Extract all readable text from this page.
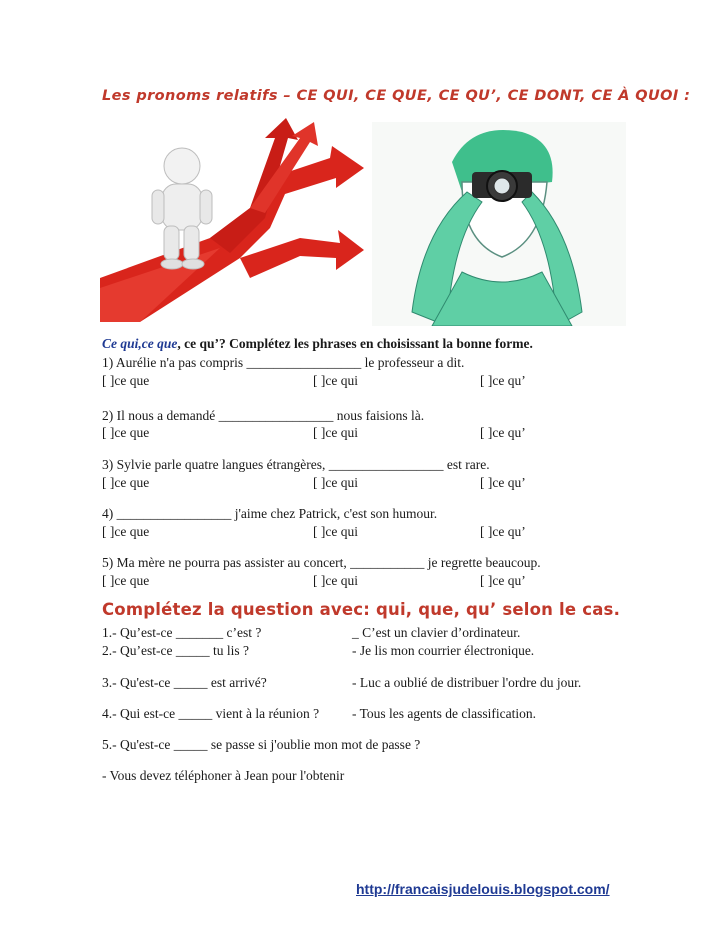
Les pronoms relatifs – CE QUI, CE QUE, CE QU’, CE DONT, CE À QUOI :
Ce qui,ce que, ce qu’? Complétez les phrases en choisissant la bonne forme.
1) Aurélie n'a pas compris _________________ le professeur a dit.
[ ]ce que	[ ]ce qui	[ ]ce qu’
2) Il nous a demandé _________________ nous faisions là.
[ ]ce que	[ ]ce qui	[ ]ce qu’
3) Sylvie parle quatre langues étrangères, _________________ est rare.
[ ]ce que	[ ]ce qui	[ ]ce qu’
4) _________________ j'aime chez Patrick, c'est son humour.
[ ]ce que	[ ]ce qui	[ ]ce qu’
5) Ma mère ne pourra pas assister au concert, ___________ je regrette beaucoup.
[ ]ce que	[ ]ce qui	[ ]ce qu’
Complétez la question avec: qui, que, qu’ selon le cas.
1.- Qu’est-ce _______ c’est ?	_ C’est un clavier d’ordinateur.
2.- Qu’est-ce _____ tu lis ?	- Je lis mon courrier électronique.
3.- Qu'est-ce _____ est arrivé?	- Luc a oublié de distribuer l'ordre du jour.
4.- Qui est-ce _____ vient à la réunion ? - Tous les agents de classification.
5.- Qu'est-ce _____ se passe si j'oublie mon mot de passe ?
- Vous devez téléphoner à Jean pour l'obtenir
http://francaisjudelouis.blogspot.com/
